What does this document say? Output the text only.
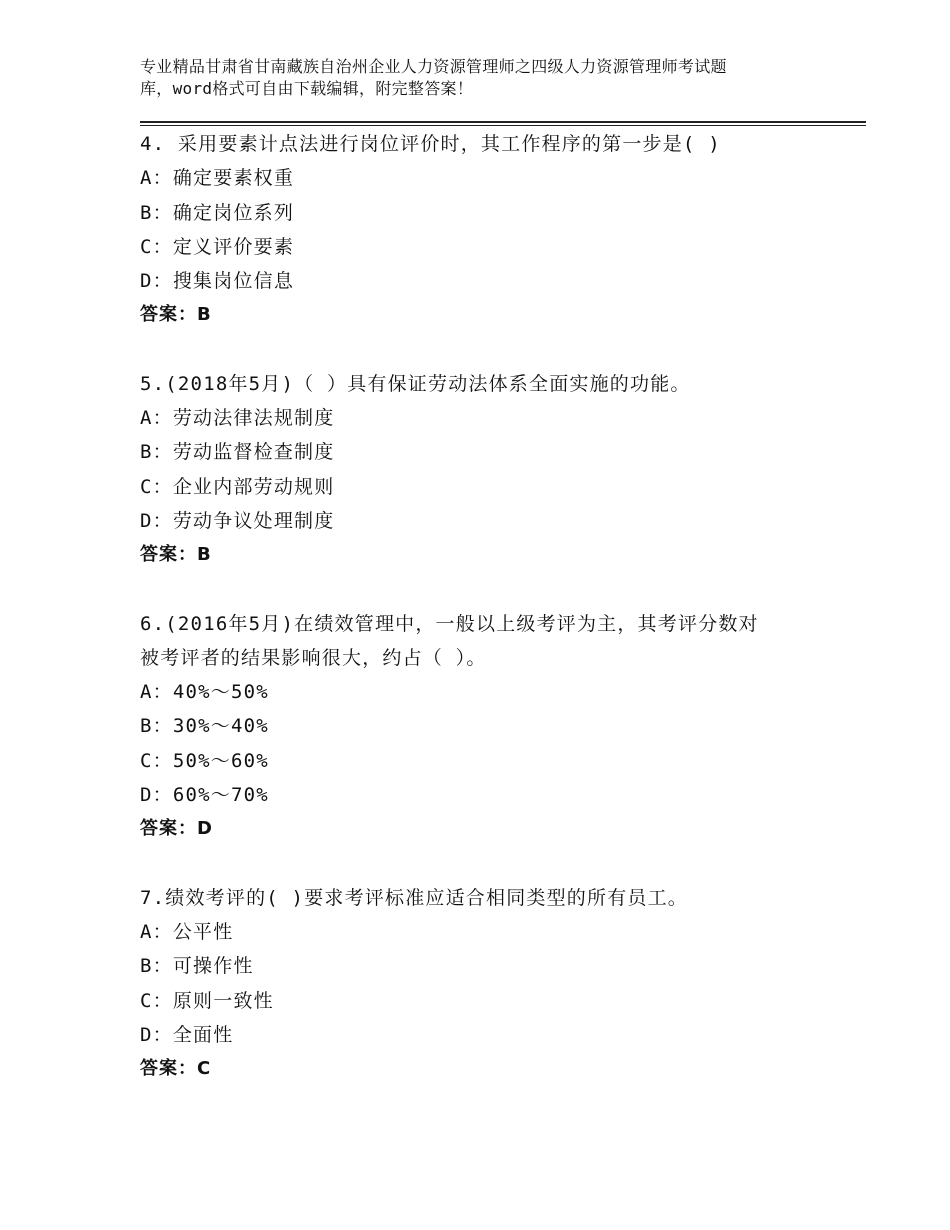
专业精品甘肃省甘南藏族自治州企业人力资源管理师之四级人力资源管理师考试题
库，word格式可自由下载编辑，附完整答案！
4. 采用要素计点法进行岗位评价时，其工作程序的第一步是( )
A：确定要素权重
B：确定岗位系列
C：定义评价要素
D：搜集岗位信息
答案：B
5.(2018年5月)（ ）具有保证劳动法体系全面实施的功能。
A：劳动法律法规制度
B：劳动监督检查制度
C：企业内部劳动规则
D：劳动争议处理制度
答案：B
6.(2016年5月)在绩效管理中，一般以上级考评为主，其考评分数对
被考评者的结果影响很大，约占（ ）。
A：40%～50%
B：30%～40%
C：50%～60%
D：60%～70%
答案：D
7.绩效考评的( )要求考评标准应适合相同类型的所有员工。
A：公平性
B：可操作性
C：原则一致性
D：全面性
答案：C
